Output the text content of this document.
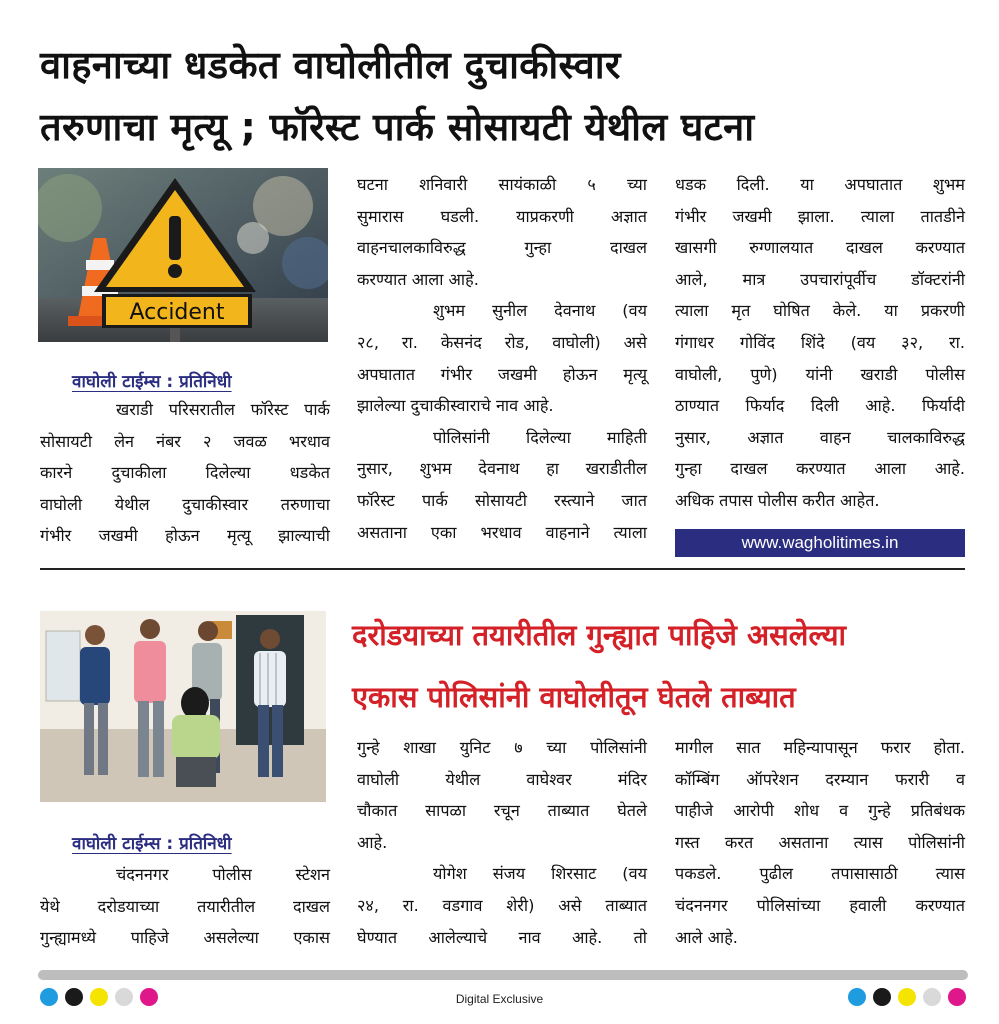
वाहनाच्या धडकेत वाघोलीतील दुचाकीस्वार
तरुणाचा मृत्यू ; फॉरेस्ट पार्क सोसायटी येथील घटना
Accident
वाघोली टाईम्स : प्रतिनिधी

खराडी परिसरातील फॉरेस्ट पार्क

सोसायटी लेन नंबर २ जवळ भरधाव

कारने दुचाकीला दिलेल्या धडकेत

वाघोली येथील दुचाकीस्वार तरुणाचा

गंभीर जखमी होऊन मृत्यू झाल्याची

घटना शनिवारी सायंकाळी ५ च्या

सुमारास घडली. याप्रकरणी अज्ञात

वाहनचालकाविरुद्ध गुन्हा दाखल

करण्यात आला आहे.

शुभम सुनील देवनाथ (वय

२८, रा. केसनंद रोड, वाघोली) असे

अपघातात गंभीर जखमी होऊन मृत्यू

झालेल्या दुचाकीस्वाराचे नाव आहे.

पोलिसांनी दिलेल्या माहिती

नुसार, शुभम देवनाथ हा खराडीतील

फॉरेस्ट पार्क सोसायटी रस्त्याने जात

असताना एका भरधाव वाहनाने त्याला

धडक दिली. या अपघातात शुभम

गंभीर जखमी झाला. त्याला तातडीने

खासगी रुग्णालयात दाखल करण्यात

आले, मात्र उपचारांपूर्वीच डॉक्टरांनी

त्याला मृत घोषित केले. या प्रकरणी

गंगाधर गोविंद शिंदे (वय ३२, रा.

वाघोली, पुणे) यांनी खराडी पोलीस

ठाण्यात फिर्याद दिली आहे. फिर्यादी

नुसार, अज्ञात वाहन चालकाविरुद्ध

गुन्हा दाखल करण्यात आला आहे.

अधिक तपास पोलीस करीत आहेत.

www.wagholitimes.in
दरोडयाच्या तयारीतील गुन्ह्यात पाहिजे असलेल्या
एकास पोलिसांनी वाघोलीतून घेतले ताब्यात
वाघोली टाईम्स : प्रतिनिधी

चंदननगर पोलीस स्टेशन

येथे दरोडयाच्या तयारीतील दाखल

गुन्ह्यामध्ये पाहिजे असलेल्या एकास

गुन्हे शाखा युनिट ७ च्या पोलिसांनी

वाघोली येथील वाघेश्वर मंदिर

चौकात सापळा रचून ताब्यात घेतले

आहे.

योगेश संजय शिरसाट (वय

२४, रा. वडगाव शेरी) असे ताब्यात

घेण्यात आलेल्याचे नाव आहे. तो

मागील सात महिन्यापासून फरार होता.

कॉम्बिंग ऑपरेशन दरम्यान फरारी व

पाहीजे आरोपी शोध व गुन्हे प्रतिबंधक

गस्त करत असताना त्यास पोलिसांनी

पकडले. पुढील तपासासाठी त्यास

चंदननगर पोलिसांच्या हवाली करण्यात

आले आहे.

Digital Exclusive
